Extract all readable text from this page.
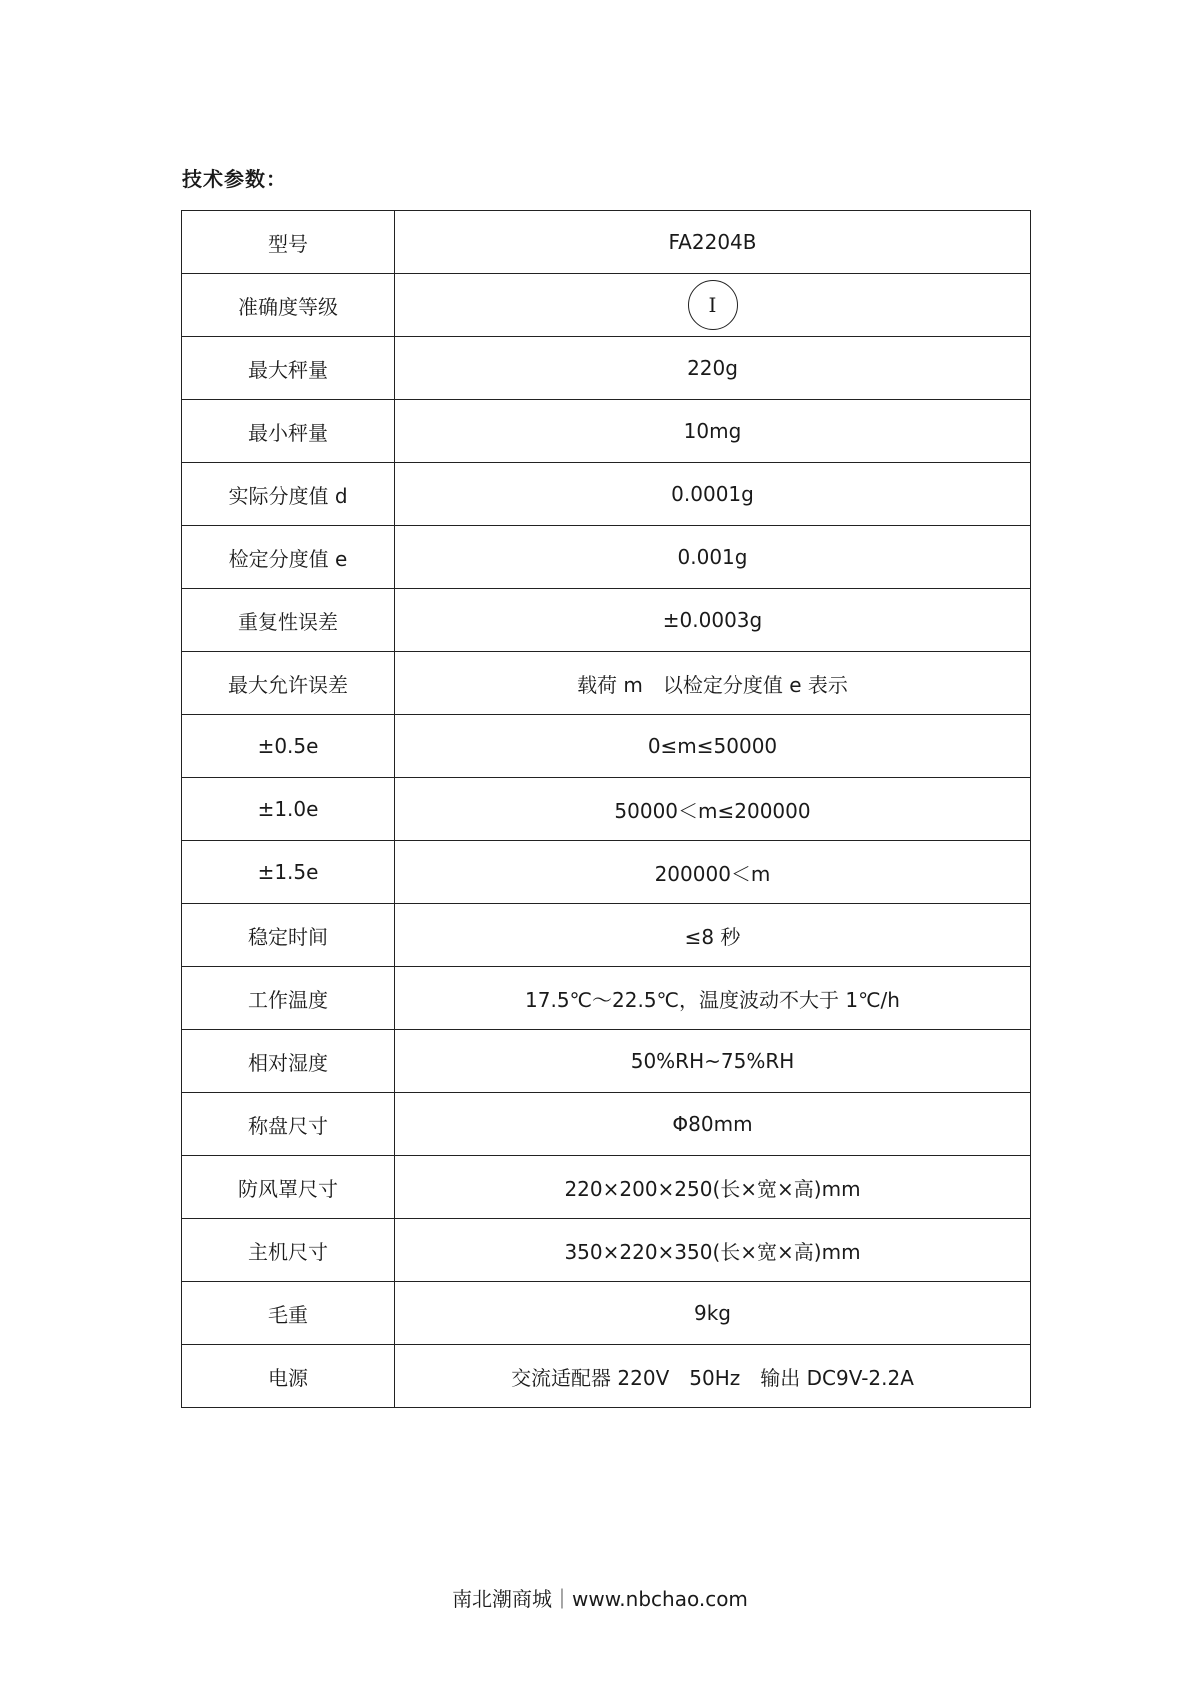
技术参数：
型号	FA2204B
准确度等级	I
最大秤量	220g
最小秤量	10mg
实际分度值 d	0.0001g
检定分度值 e	0.001g
重复性误差	±0.0003g
最大允许误差	载荷 m　以检定分度值 e 表示
±0.5e	0≤m≤50000
±1.0e	50000＜m≤200000
±1.5e	200000＜m
稳定时间	≤8 秒
工作温度	17.5℃～22.5℃，温度波动不大于 1℃/h
相对湿度	50%RH~75%RH
称盘尺寸	Φ80mm
防风罩尺寸	220×200×250(长×宽×高)mm
主机尺寸	350×220×350(长×宽×高)mm
毛重	9kg
电源	交流适配器 220V　50Hz　输出 DC9V-2.2A
南北潮商城｜www.nbchao.com
